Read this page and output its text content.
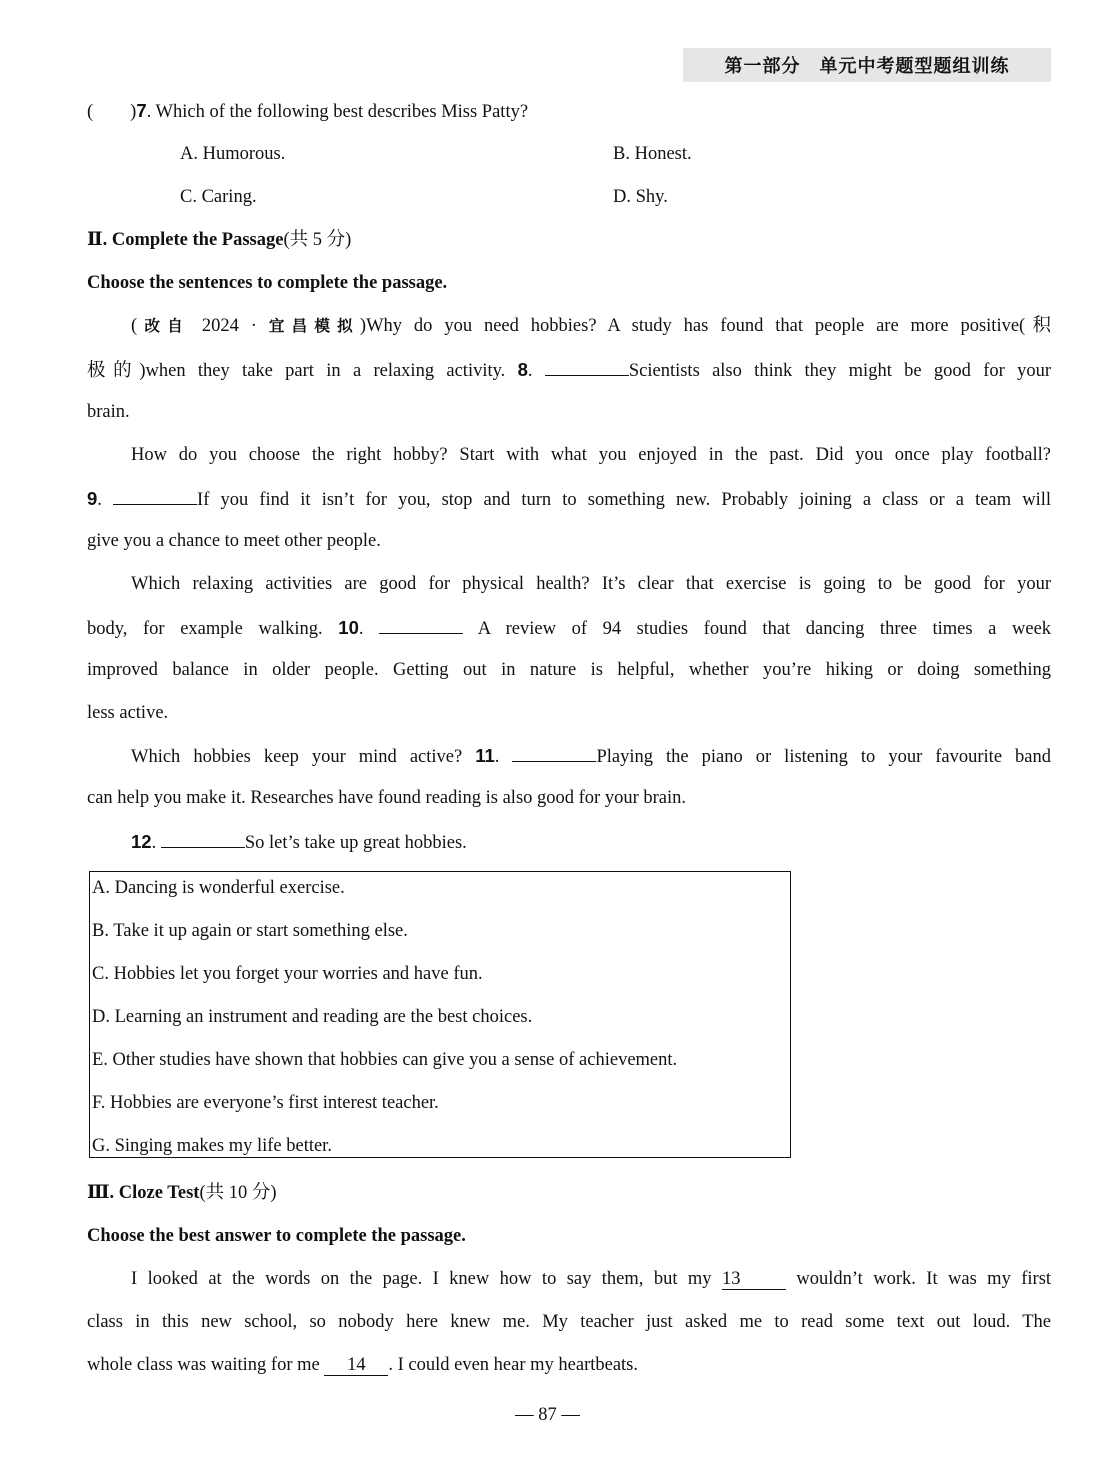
第一部分　单元中考题型题组训练
(　　)7. Which of the following best describes Miss Patty?
A. Humorous.	B. Honest.
C. Caring.	D. Shy.
Ⅱ. Complete the Passage(共 5 分)
Choose the sentences to complete the passage.
(改自 2024 · 宜昌模拟)Why do you need hobbies? A study has found that people are more positive(积
极的)when they take part in a relaxing activity. 8.	Scientists also think they might be good for your
brain.
How do you choose the right hobby? Start with what you enjoyed in the past. Did you once play football?
9.	If you find it isn’t for you, stop and turn to something new. Probably joining a class or a team will
give you a chance to meet other people.
Which relaxing activities are good for physical health? It’s clear that exercise is going to be good for your
body, for example walking. 10.	A review of 94 studies found that dancing three times a week
improved balance in older people. Getting out in nature is helpful, whether you’re hiking or doing something
less active.
Which hobbies keep your mind active? 11.	Playing the piano or listening to your favourite band
can help you make it. Researches have found reading is also good for your brain.
12.	So let’s take up great hobbies.
A. Dancing is wonderful exercise.
B. Take it up again or start something else.
C. Hobbies let you forget your worries and have fun.
D. Learning an instrument and reading are the best choices.
E. Other studies have shown that hobbies can give you a sense of achievement.
F. Hobbies are everyone’s first interest teacher.
G. Singing makes my life better.
Ⅲ. Cloze Test(共 10 分)
Choose the best answer to complete the passage.
I looked at the words on the page. I knew how to say them, but my 13	wouldn’t work. It was my first
class in this new school, so nobody here knew me. My teacher just asked me to read some text out loud. The
whole class was waiting for me 14 . I could even hear my heartbeats.
— 87 —
